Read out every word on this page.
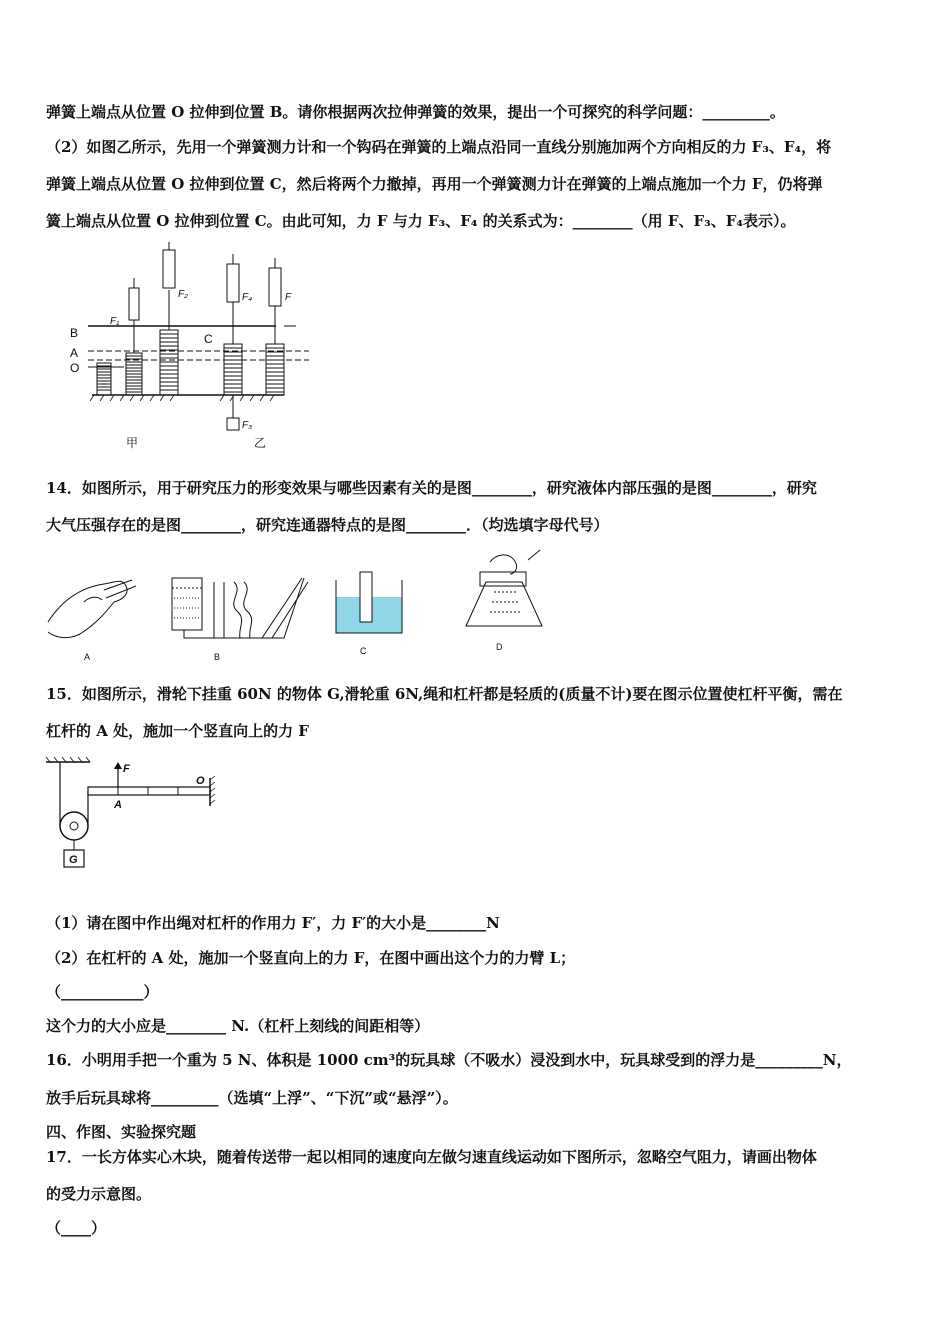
弹簧上端点从位置 O 拉伸到位置 B。请你根据两次拉伸弹簧的效果，提出一个可探究的科学问题：_________。
（2）如图乙所示，先用一个弹簧测力计和一个钩码在弹簧的上端点沿同一直线分别施加两个方向相反的力 F₃、F₄，将
弹簧上端点从位置 O 拉伸到位置 C，然后将两个力撤掉，再用一个弹簧测力计在弹簧的上端点施加一个力 F，仍将弹
簧上端点从位置 O 拉伸到位置 C。由此可知，力 F 与力 F₃、F₄ 的关系式为：________（用 F、F₃、F₄表示）。
B
A
O
C
F₁
F₂	F₄	F
F₃
甲	乙
14．如图所示，用于研究压力的形变效果与哪些因素有关的是图________，研究液体内部压强的是图________，研究
大气压强存在的是图________，研究连通器特点的是图________．（均选填字母代号）
A	B
C	D
15．如图所示，滑轮下挂重 60N 的物体 G,滑轮重 6N,绳和杠杆都是轻质的(质量不计)要在图示位置使杠杆平衡，需在
杠杆的 A 处，施加一个竖直向上的力 F
F
O
A
G
（1）请在图中作出绳对杠杆的作用力 F′，力 F′的大小是________N
（2）在杠杆的 A 处，施加一个竖直向上的力 F，在图中画出这个力的力臂 L；
（___________）
这个力的大小应是________ N.（杠杆上刻线的间距相等）
16．小明用手把一个重为 5 N、体积是 1000 cm³的玩具球（不吸水）浸没到水中，玩具球受到的浮力是_________N，
放手后玩具球将_________（选填“上浮”、“下沉”或“悬浮”）。
四、作图、实验探究题
17．一长方体实心木块，随着传送带一起以相同的速度向左做匀速直线运动如下图所示，忽略空气阻力，请画出物体
的受力示意图。
（____）
